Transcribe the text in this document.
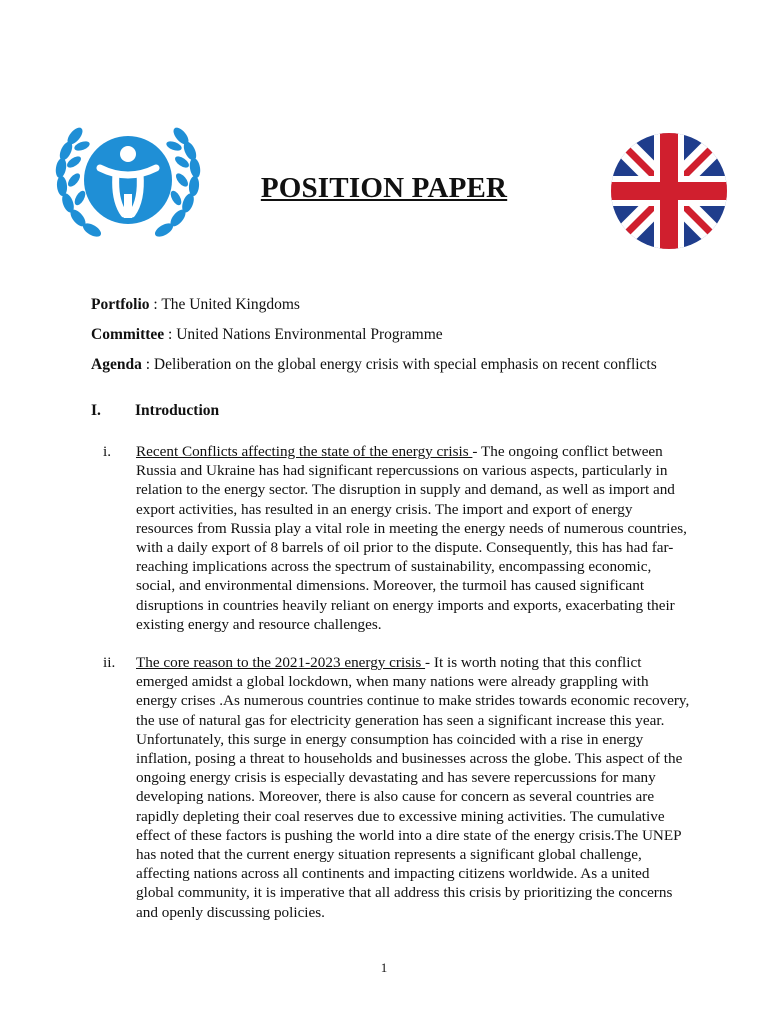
POSITION PAPER
Portfolio : The United Kingdoms
Committee : United Nations Environmental Programme
Agenda : Deliberation on the global energy crisis with special emphasis on recent conflicts
I. Introduction
i. Recent Conflicts affecting the state of the energy crisis - The ongoing conflict between Russia and Ukraine has had significant repercussions on various aspects, particularly in relation to the energy sector. The disruption in supply and demand, as well as import and export activities, has resulted in an energy crisis. The import and export of energy resources from Russia play a vital role in meeting the energy needs of numerous countries, with a daily export of 8 barrels of oil prior to the dispute. Consequently, this has had far-reaching implications across the spectrum of sustainability, encompassing economic, social, and environmental dimensions. Moreover, the turmoil has caused significant disruptions in countries heavily reliant on energy imports and exports, exacerbating their existing energy and resource challenges.
ii. The core reason to the 2021-2023 energy crisis - It is worth noting that this conflict emerged amidst a global lockdown, when many nations were already grappling with energy crises .As numerous countries continue to make strides towards economic recovery, the use of natural gas for electricity generation has seen a significant increase this year. Unfortunately, this surge in energy consumption has coincided with a rise in energy inflation, posing a threat to households and businesses across the globe. This aspect of the ongoing energy crisis is especially devastating and has severe repercussions for many developing nations. Moreover, there is also cause for concern as several countries are rapidly depleting their coal reserves due to excessive mining activities. The cumulative effect of these factors is pushing the world into a dire state of the energy crisis.The UNEP has noted that the current energy situation represents a significant global challenge, affecting nations across all continents and impacting citizens worldwide. As a united global community, it is imperative that all address this crisis by prioritizing the concerns and openly discussing policies.
1
